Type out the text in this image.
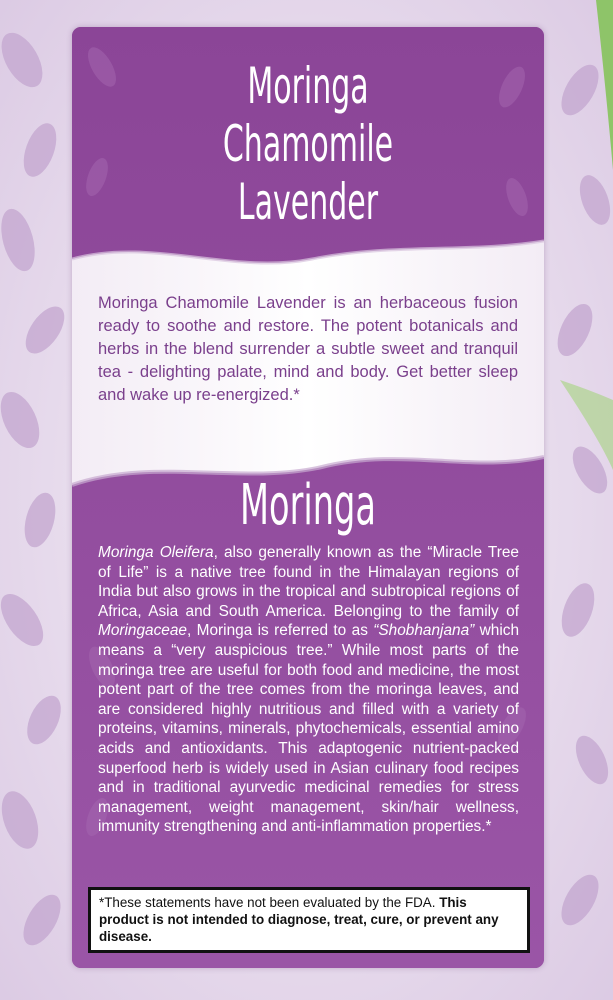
Moringa
Chamomile Lavender

Moringa Chamomile Lavender is an herbaceous fusion ready to soothe and restore. The potent botanicals and herbs in the blend surrender a subtle sweet and tranquil tea - delighting palate, mind and body. Get better sleep and wake up re-energized.*

Moringa

Moringa Oleifera, also generally known as the “Miracle Tree of Life” is a native tree found in the Himalayan regions of India but also grows in the tropical and subtropical regions of Africa, Asia and South America. Belonging to the family of Moringaceae, Moringa is referred to as “Shobhanjana” which means a “very auspicious tree.” While most parts of the moringa tree are useful for both food and medicine, the most potent part of the tree comes from the moringa leaves, and are considered highly nutritious and filled with a variety of proteins, vitamins, minerals, phytochemicals, essential amino acids and antioxidants. This adaptogenic nutrient-packed superfood herb is widely used in Asian culinary food recipes and in traditional ayurvedic medicinal remedies for stress management, weight management, skin/hair wellness, immunity strengthening and anti-inflammation properties.*

*These statements have not been evaluated by the FDA. This product is not intended to diagnose, treat, cure, or prevent any disease.
